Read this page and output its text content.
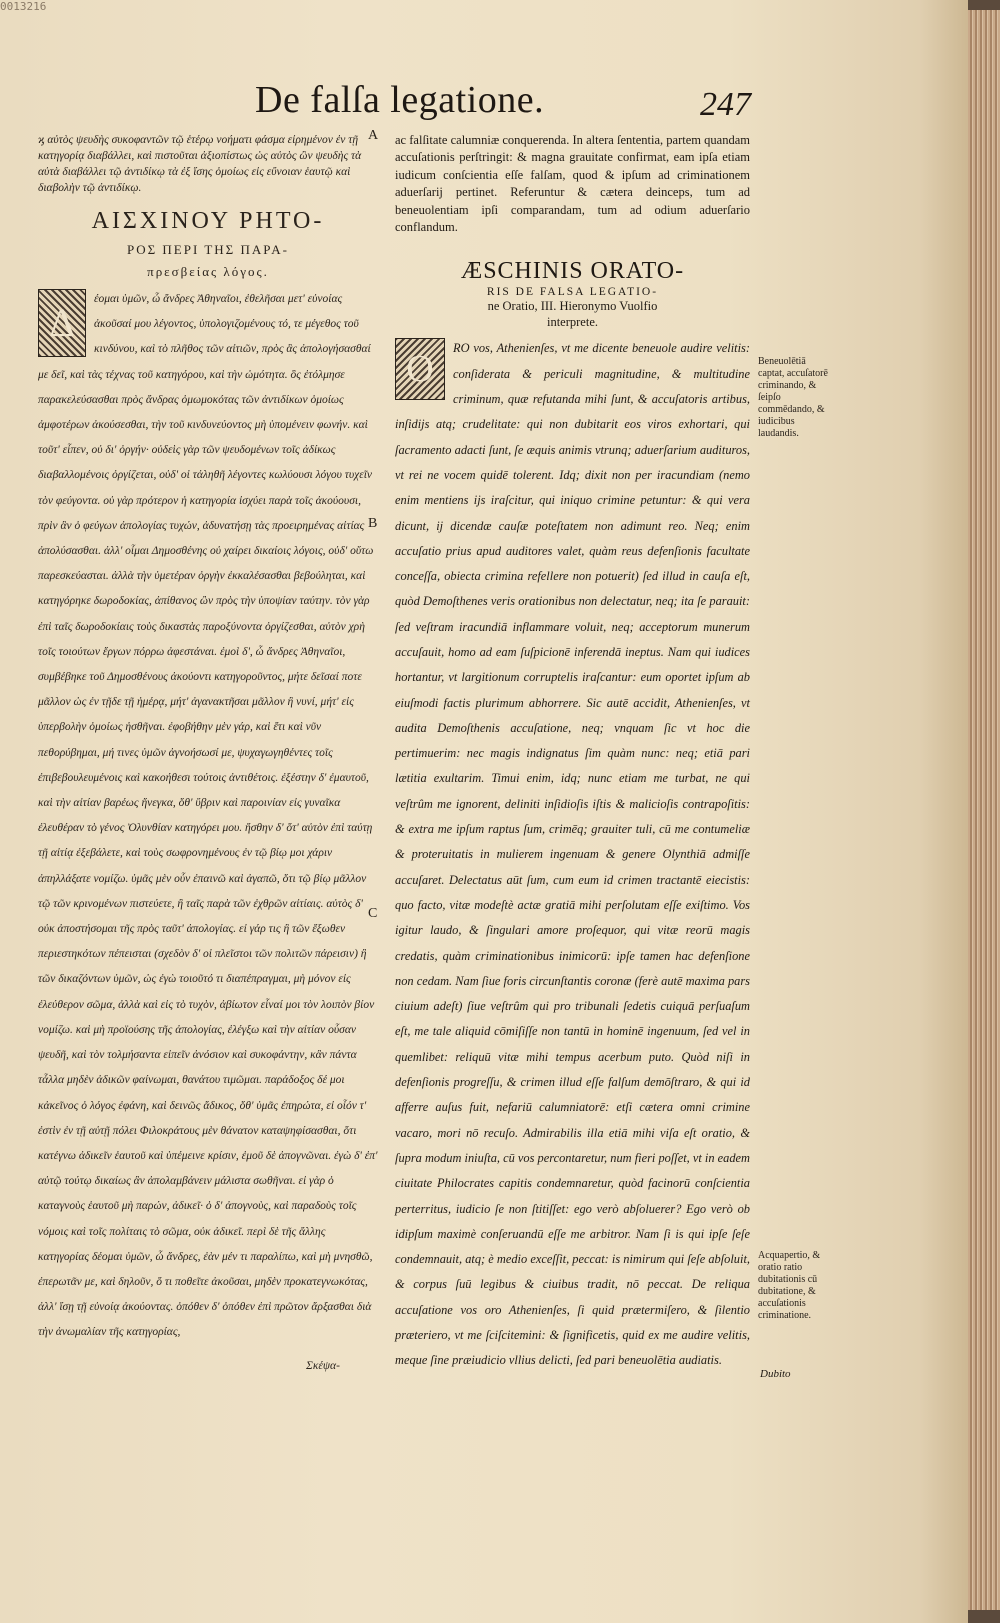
0013216
De falſa legatione.	247
ϗ αὐτὸς ψευδὴς συκοφαντῶν τῷ ἑτέρῳ νοήματι φάσμα εἰρημένον ἐν τῇ κατηγορίᾳ διαβάλλει, καὶ πιστοῦται ἀξιοπίστως ὡς αὐτὸς ὢν ψευδὴς τὰ αὐτὰ διαβάλλει τῷ ἀντιδίκῳ τὰ ἐξ ἴσης ὁμοίως εἰς εὔνοιαν ἑαυτῷ καὶ διαβολὴν τῷ ἀντιδίκῳ.
ΑΙΣΧΙΝΟΥ ΡΗΤΟ-
ΡΟΣ ΠΕΡΙ ΤΗΣ ΠΑΡΑ-
πρεσβείας λόγος.
Δ
έομαι ὑμῶν, ὦ ἄνδρες Ἀθηναῖοι, ἐθελῆσαι μετ' εὐνοίας ἀκοῦσαί μου λέγοντος, ὑπολογιζομένους τό, τε μέγεθος τοῦ κινδύνου, καὶ τὸ πλῆθος τῶν αἰτιῶν, πρὸς ἃς ἀπολογήσασθαί με δεῖ, καὶ τὰς τέχνας τοῦ κατηγόρου, καὶ τὴν ὠμότητα. ὃς ἐτόλμησε παρακελεύσασθαι πρὸς ἄνδρας ὀμωμοκότας τῶν ἀντιδίκων ὁμοίως ἀμφοτέρων ἀκούσεσθαι, τὴν τοῦ κινδυνεύοντος μὴ ὑπομένειν φωνήν. καὶ τοῦτ' εἶπεν, οὐ δι' ὀργήν· οὐδεὶς γὰρ τῶν ψευδομένων τοῖς ἀδίκως διαβαλλομένοις ὀργίζεται, οὐδ' οἱ τἀληθῆ λέγοντες κωλύουσι λόγου τυχεῖν τὸν φεύγοντα. οὐ γὰρ πρότερον ἡ κατηγορία ἰσχύει παρὰ τοῖς ἀκούουσι, πρὶν ἂν ὁ φεύγων ἀπολογίας τυχών, ἀδυνατήσῃ τὰς προειρημένας αἰτίας ἀπολύσασθαι. ἀλλ' οἶμαι Δημοσθένης οὐ χαίρει δικαίοις λόγοις, οὐδ' οὕτω παρεσκεύασται. ἀλλὰ τὴν ὑμετέραν ὀργὴν ἐκκαλέσασθαι βεβούληται, καὶ κατηγόρηκε δωροδοκίας, ἀπίθανος ὢν πρὸς τὴν ὑποψίαν ταύτην. τὸν γὰρ ἐπὶ ταῖς δωροδοκίαις τοὺς δικαστὰς παροξύνοντα ὀργίζεσθαι, αὐτὸν χρὴ τοῖς τοιούτων ἔργων πόρρω ἀφεστάναι. ἐμοὶ δ', ὦ ἄνδρες Ἀθηναῖοι, συμβέβηκε τοῦ Δημοσθένους ἀκούοντι κατηγοροῦντος, μήτε δεῖσαί ποτε μᾶλλον ὡς ἐν τῇδε τῇ ἡμέρᾳ, μήτ' ἀγανακτῆσαι μᾶλλον ἢ νυνί, μήτ' εἰς ὑπερβολὴν ὁμοίως ἡσθῆναι. ἐφοβήθην μὲν γάρ, καὶ ἔτι καὶ νῦν πεθορύβημαι, μή τινες ὑμῶν ἀγνοήσωσί με, ψυχαγωγηθέντες τοῖς ἐπιβεβουλευμένοις καὶ κακοήθεσι τούτοις ἀντιθέτοις. ἐξέστην δ' ἐμαυτοῦ, καὶ τὴν αἰτίαν βαρέως ἤνεγκα, ὅθ' ὕβριν καὶ παροινίαν εἰς γυναῖκα ἐλευθέραν τὸ γένος Ὀλυνθίαν κατηγόρει μου. ἥσθην δ' ὅτ' αὐτὸν ἐπὶ ταύτῃ τῇ αἰτίᾳ ἐξεβάλετε, καὶ τοὺς σωφρονημένους ἐν τῷ βίῳ μοι χάριν ἀπηλλάξατε νομίζω. ὑμᾶς μὲν οὖν ἐπαινῶ καὶ ἀγαπῶ, ὅτι τῷ βίῳ μᾶλλον τῷ τῶν κρινομένων πιστεύετε, ἢ ταῖς παρὰ τῶν ἐχθρῶν αἰτίαις. αὐτὸς δ' οὐκ ἀποστήσομαι τῆς πρὸς ταῦτ' ἀπολογίας. εἰ γάρ τις ἢ τῶν ἔξωθεν περιεστηκότων πέπεισται (σχεδὸν δ' οἱ πλεῖστοι τῶν πολιτῶν πάρεισιν) ἢ τῶν δικαζόντων ὑμῶν, ὡς ἐγὼ τοιοῦτό τι διαπέπραγμαι, μὴ μόνον εἰς ἐλεύθερον σῶμα, ἀλλὰ καὶ εἰς τὸ τυχὸν, ἀβίωτον εἶναί μοι τὸν λοιπὸν βίον νομίζω. καὶ μὴ προϊούσης τῆς ἀπολογίας, ἐλέγξω καὶ τὴν αἰτίαν οὖσαν ψευδῆ, καὶ τὸν τολμήσαντα εἰπεῖν ἀνόσιον καὶ συκοφάντην, κἂν πάντα τἆλλα μηδὲν ἀδικῶν φαίνωμαι, θανάτου τιμῶμαι. παράδοξος δέ μοι κἀκεῖνος ὁ λόγος ἐφάνη, καὶ δεινῶς ἄδικος, ὅθ' ὑμᾶς ἐπηρώτα, εἰ οἷόν τ' ἐστὶν ἐν τῇ αὐτῇ πόλει Φιλοκράτους μὲν θάνατον καταψηφίσασθαι, ὅτι κατέγνω ἀδικεῖν ἑαυτοῦ καὶ ὑπέμεινε κρίσιν, ἐμοῦ δὲ ἀπογνῶναι. ἐγὼ δ' ἐπ' αὐτῷ τούτῳ δικαίως ἂν ἀπολαμβάνειν μάλιστα σωθῆναι. εἰ γὰρ ὁ καταγνοὺς ἑαυτοῦ μὴ παρών, ἀδικεῖ· ὁ δ' ἀπογνοὺς, καὶ παραδοὺς τοῖς νόμοις καὶ τοῖς πολίταις τὸ σῶμα, οὐκ ἀδικεῖ. περὶ δὲ τῆς ἄλλης κατηγορίας δέομαι ὑμῶν, ὦ ἄνδρες, ἐὰν μέν τι παραλίπω, καὶ μὴ μνησθῶ, ἐπερωτᾶν με, καὶ δηλοῦν, ὅ τι ποθεῖτε ἀκοῦσαι, μηδὲν προκατεγνωκότας, ἀλλ' ἴσῃ τῇ εὐνοίᾳ ἀκούοντας. ὁπόθεν δ' ὁπόθεν ἐπὶ πρῶτον ἄρξασθαι διὰ τὴν ἀνωμαλίαν τῆς κατηγορίας,
Σκέψα-
A
B
C
ac falſitate calumniæ conquerenda. In altera ſententia, partem quandam accuſationis perſtringit: & magna grauitate confirmat, eam ipſa etiam iudicum conſcientia eſſe falſam, quod & ipſum ad criminationem aduerſarij pertinet. Referuntur & cætera deinceps, tum ad beneuolentiam ipſi comparandam, tum ad odium aduerſario conflandum.
ÆSCHINIS ORATO-
RIS DE FALSA LEGATIO-
ne Oratio, III. Hieronymo Vuolfio
interprete.
O	RO vos, Athenienſes, vt me dicente beneuole audire velitis: conſiderata & periculi magnitudine, & multitudine criminum, quæ refutanda mihi ſunt, & accuſatoris artibus, inſidijs atq; crudelitate: qui non dubitarit eos viros exhortari, qui ſacramento adacti ſunt, ſe æquis animis vtrunq; aduerſarium audituros, vt rei ne vocem quidē tolerent. Idq; dixit non per iracundiam (nemo enim mentiens ijs iraſcitur, qui iniquo crimine petuntur: & qui vera dicunt, ij dicendæ cauſæ poteſtatem non adimunt reo. Neq; enim accuſatio prius apud auditores valet, quàm reus defenſionis facultate conceſſa, obiecta crimina refellere non potuerit) ſed illud in cauſa eſt, quòd Demoſthenes veris orationibus non delectatur, neq; ita ſe parauit: ſed veſtram iracundiā inflammare voluit, neq; acceptorum munerum accuſauit, homo ad eam ſuſpicionē inferendā ineptus. Nam qui iudices hortantur, vt largitionum corruptelis iraſcantur: eum oportet ipſum ab eiuſmodi factis plurimum abhorrere. Sic autē accidit, Athenienſes, vt audita Demoſthenis accuſatione, neq; vnquam ſic vt hoc die pertimuerim: nec magis indignatus ſim quàm nunc: neq; etiā pari lætitia exultarim. Timui enim, idq; nunc etiam me turbat, ne qui veſtrûm me ignorent, deliniti inſidioſis iſtis & malicioſis contrapoſitis: & extra me ipſum raptus ſum, crimēq; grauiter tuli, cū me contumeliæ & proteruitatis in mulierem ingenuam & genere Olynthiā admiſſe accuſaret. Delectatus aūt ſum, cum eum id crimen tractantē eiecistis: quo facto, vitæ modeſtè actæ gratiā mihi perſolutam eſſe exiſtimo. Vos igitur laudo, & ſingulari amore proſequor, qui vitæ reorū magis credatis, quàm criminationibus inimicorū: ipſe tamen hac defenſione non cedam. Nam ſiue foris circunſtantis coronæ (ferè autē maxima pars ciuium adeſt) ſiue veſtrûm qui pro tribunali ſedetis cuiquā perſuaſum eſt, me tale aliquid cōmiſiſſe non tantū in hominē ingenuum, ſed vel in quemlibet: reliquū vitæ mihi tempus acerbum puto. Quòd niſi in defenſionis progreſſu, & crimen illud eſſe falſum demōſtraro, & qui id afferre auſus fuit, nefariū calumniatorē: etſi cætera omni crimine vacaro, mori nō recuſo. Admirabilis illa etiā mihi viſa eſt oratio, & ſupra modum iniuſta, cū vos percontaretur, num fieri poſſet, vt in eadem ciuitate Philocrates capitis condemnaretur, quòd facinorū conſcientia perterritus, iudicio ſe non ſtitiſſet: ego verò abſoluerer? Ego verò ob idipſum maximè conſeruandū eſſe me arbitror. Nam ſi is qui ipſe ſeſe condemnauit, atq; è medio exceſſit, peccat: is nimirum qui ſeſe abſoluit, & corpus ſuū legibus & ciuibus tradit, nō peccat. De reliqua accuſatione vos oro Athenienſes, ſi quid prætermiſero, & ſilentio præteriero, vt me ſciſcitemini: & ſignificetis, quid ex me audire velitis, meque ſine præiudicio vllius delicti, ſed pari beneuolētia audiatis.
Beneuolētiā captat, accuſatorē criminando, & ſeipſo commēdando, & iudicibus laudandis.
Acquapertio, & oratio ratio dubitationis cū dubitatione, & accuſationis criminatione.
Dubito
